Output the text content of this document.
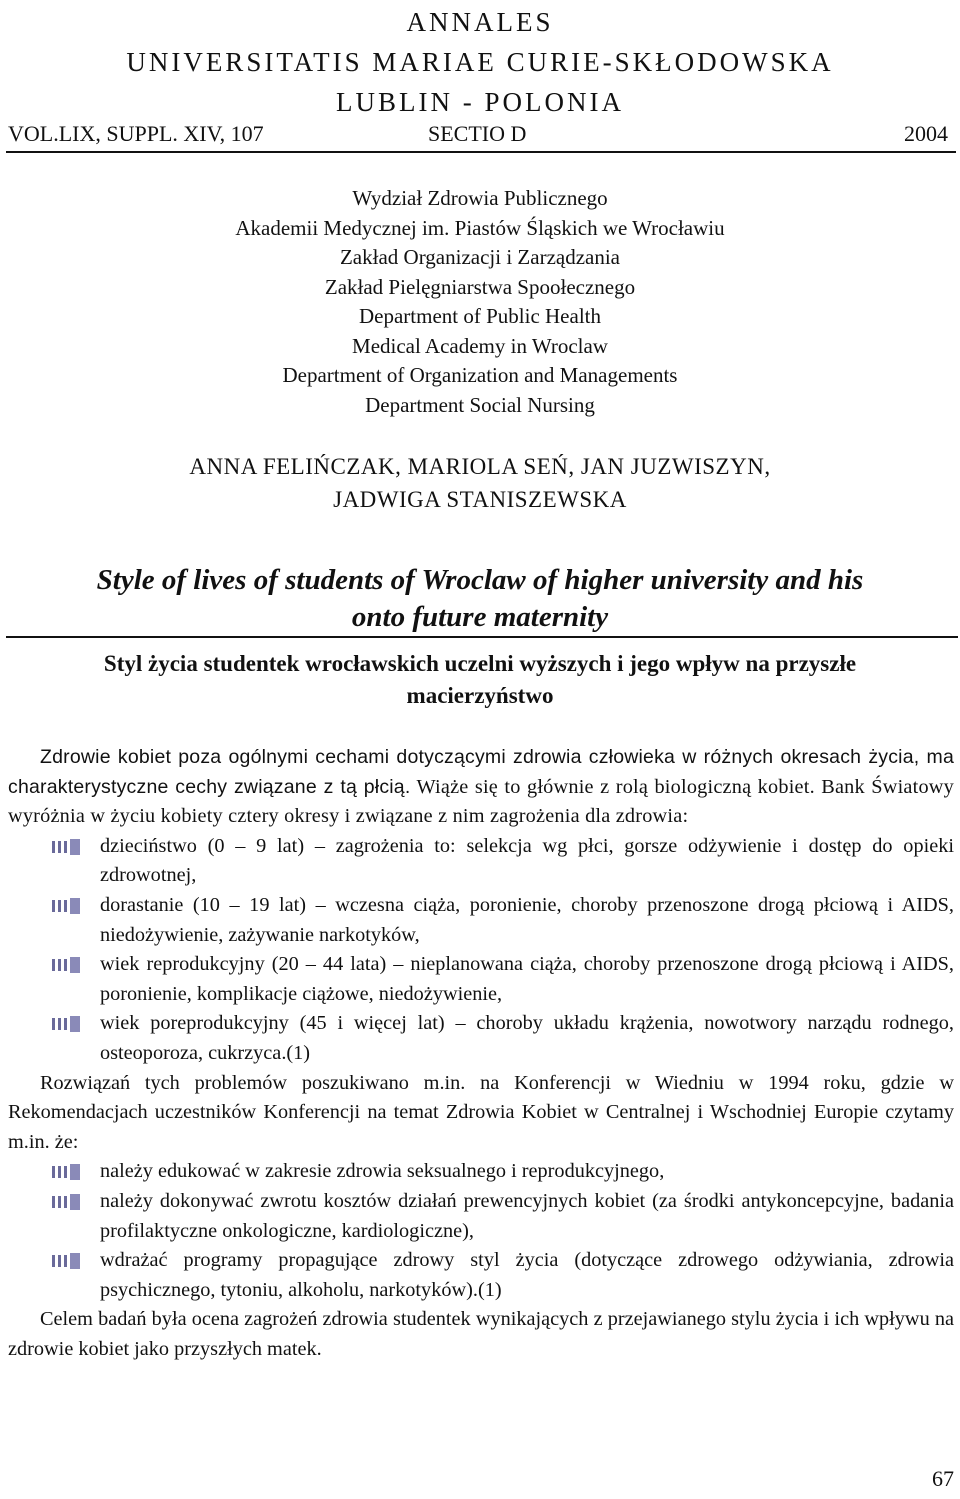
ANNALES
UNIVERSITATIS MARIAE CURIE-SKŁODOWSKA
LUBLIN - POLONIA
VOL.LIX, SUPPL. XIV, 107	SECTIO D	2004
Wydział Zdrowia Publicznego
Akademii Medycznej im. Piastów Śląskich we Wrocławiu
Zakład Organizacji i Zarządzania
Zakład Pielęgniarstwa Spoołecznego
Department of Public Health
Medical Academy in Wroclaw
Department of Organization and Managements
Department Social Nursing
ANNA FELIŃCZAK, MARIOLA SEŃ, JAN JUZWISZYN,
JADWIGA STANISZEWSKA
Style of lives of students of Wroclaw of higher university and his
onto future maternity
Styl życia studentek wrocławskich uczelni wyższych i jego wpływ na przyszłe
macierzyństwo

Zdrowie kobiet poza ogólnymi cechami dotyczącymi zdrowia człowieka w różnych okresach życia, ma charakterystyczne cechy związane z tą płcią. Wiąże się to głównie z rolą biologiczną kobiet. Bank Światowy wyróżnia w życiu kobiety cztery okresy i związane z nim zagrożenia dla zdrowia:

dzieciństwo (0 – 9 lat) – zagrożenia to: selekcja wg płci, gorsze odżywienie i dostęp do opieki zdrowotnej,
dorastanie (10 – 19 lat) – wczesna ciąża, poronienie, choroby przenoszone drogą płciową i AIDS, niedożywienie, zażywanie narkotyków,
wiek reprodukcyjny (20 – 44 lata) – nieplanowana ciąża, choroby przenoszone drogą płciową i AIDS, poronienie, komplikacje ciążowe, niedożywienie,
wiek poreprodukcyjny (45 i więcej lat) – choroby układu krążenia, nowotwory narządu rodnego, osteoporoza, cukrzyca.(1)

Rozwiązań tych problemów poszukiwano m.in. na Konferencji w Wiedniu w 1994 roku, gdzie w Rekomendacjach uczestników Konferencji na temat Zdrowia Kobiet w Centralnej i Wschodniej Europie czytamy m.in. że:

należy edukować w zakresie zdrowia seksualnego i reprodukcyjnego,
należy dokonywać zwrotu kosztów działań prewencyjnych kobiet (za środki antykoncepcyjne, badania profilaktyczne onkologiczne, kardiologiczne),
wdrażać programy propagujące zdrowy styl życia (dotyczące zdrowego odżywiania, zdrowia psychicznego, tytoniu, alkoholu, narkotyków).(1)

Celem badań była ocena zagrożeń zdrowia studentek wynikających z przejawianego stylu życia i ich wpływu na zdrowie kobiet jako przyszłych matek.

67
